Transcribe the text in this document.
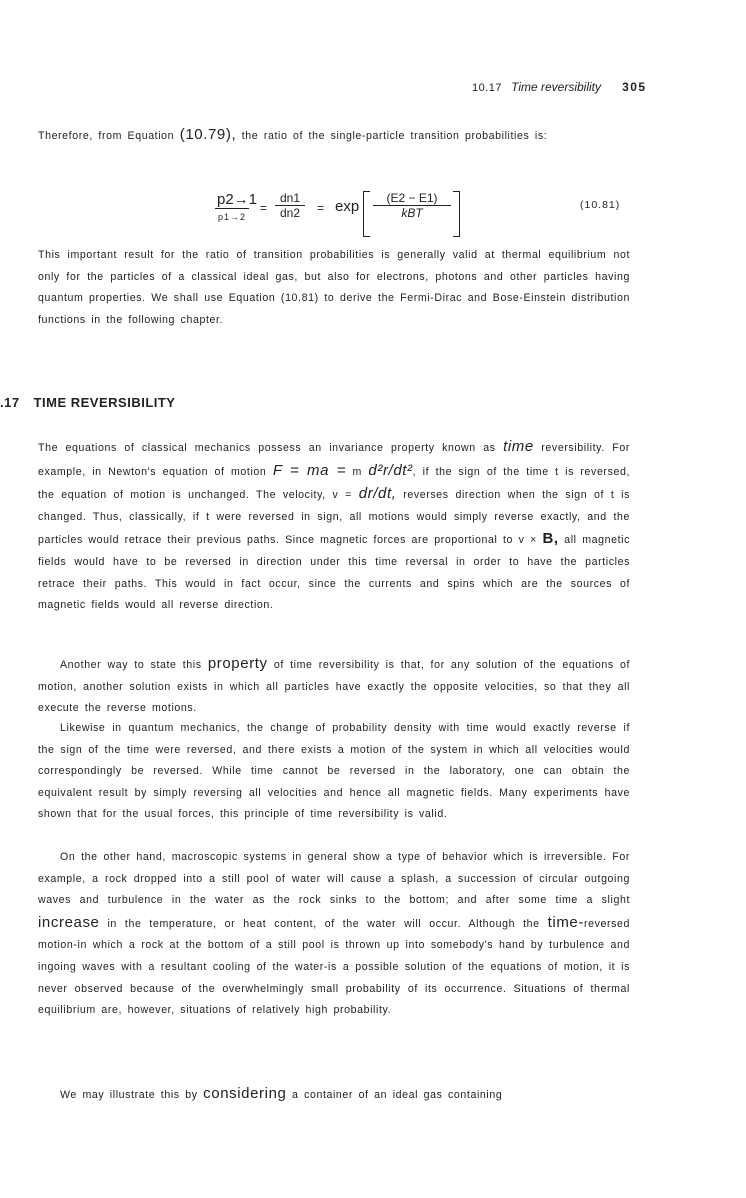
10.17 Time reversibility 305

Therefore, from Equation (10.79), the ratio of the single-particle transition probabilities is:

p2→1
p1→2
= $\frac{dn1}{dn2} = \exp$	(E2 − E1)
kBT
(10.81)

This important result for the ratio of transition probabilities is generally valid at thermal equilibrium not only for the particles of a classical ideal gas, but also for electrons, photons and other particles having quantum properties. We shall use Equation (10.81) to derive the Fermi-Dirac and Bose-Einstein distribution functions in the following chapter.

.17 TIME REVERSIBILITY

The equations of classical mechanics possess an invariance property known as time reversibility. For example, in Newton's equation of motion F = ma = m d²r/dt², if the sign of the time t is reversed, the equation of motion is unchanged. The velocity, v = dr/dt, reverses direction when the sign of t is changed. Thus, classically, if t were reversed in sign, all motions would simply reverse exactly, and the particles would retrace their previous paths. Since magnetic forces are proportional to v × B, all magnetic fields would have to be reversed in direction under this time reversal in order to have the particles retrace their paths. This would in fact occur, since the currents and spins which are the sources of magnetic fields would all reverse direction.

Another way to state this property of time reversibility is that, for any solution of the equations of motion, another solution exists in which all particles have exactly the opposite velocities, so that they all execute the reverse motions.

Likewise in quantum mechanics, the change of probability density with time would exactly reverse if the sign of the time were reversed, and there exists a motion of the system in which all velocities would correspondingly be reversed. While time cannot be reversed in the laboratory, one can obtain the equivalent result by simply reversing all velocities and hence all magnetic fields. Many experiments have shown that for the usual forces, this principle of time reversibility is valid.

On the other hand, macroscopic systems in general show a type of behavior which is irreversible. For example, a rock dropped into a still pool of water will cause a splash, a succession of circular outgoing waves and turbulence in the water as the rock sinks to the bottom; and after some time a slight increase in the temperature, or heat content, of the water will occur. Although the time-reversed motion-in which a rock at the bottom of a still pool is thrown up into somebody's hand by turbulence and ingoing waves with a resultant cooling of the water-is a possible solution of the equations of motion, it is never observed because of the overwhelmingly small probability of its occurrence. Situations of thermal equilibrium are, however, situations of relatively high probability.

We may illustrate this by considering a container of an ideal gas containing
